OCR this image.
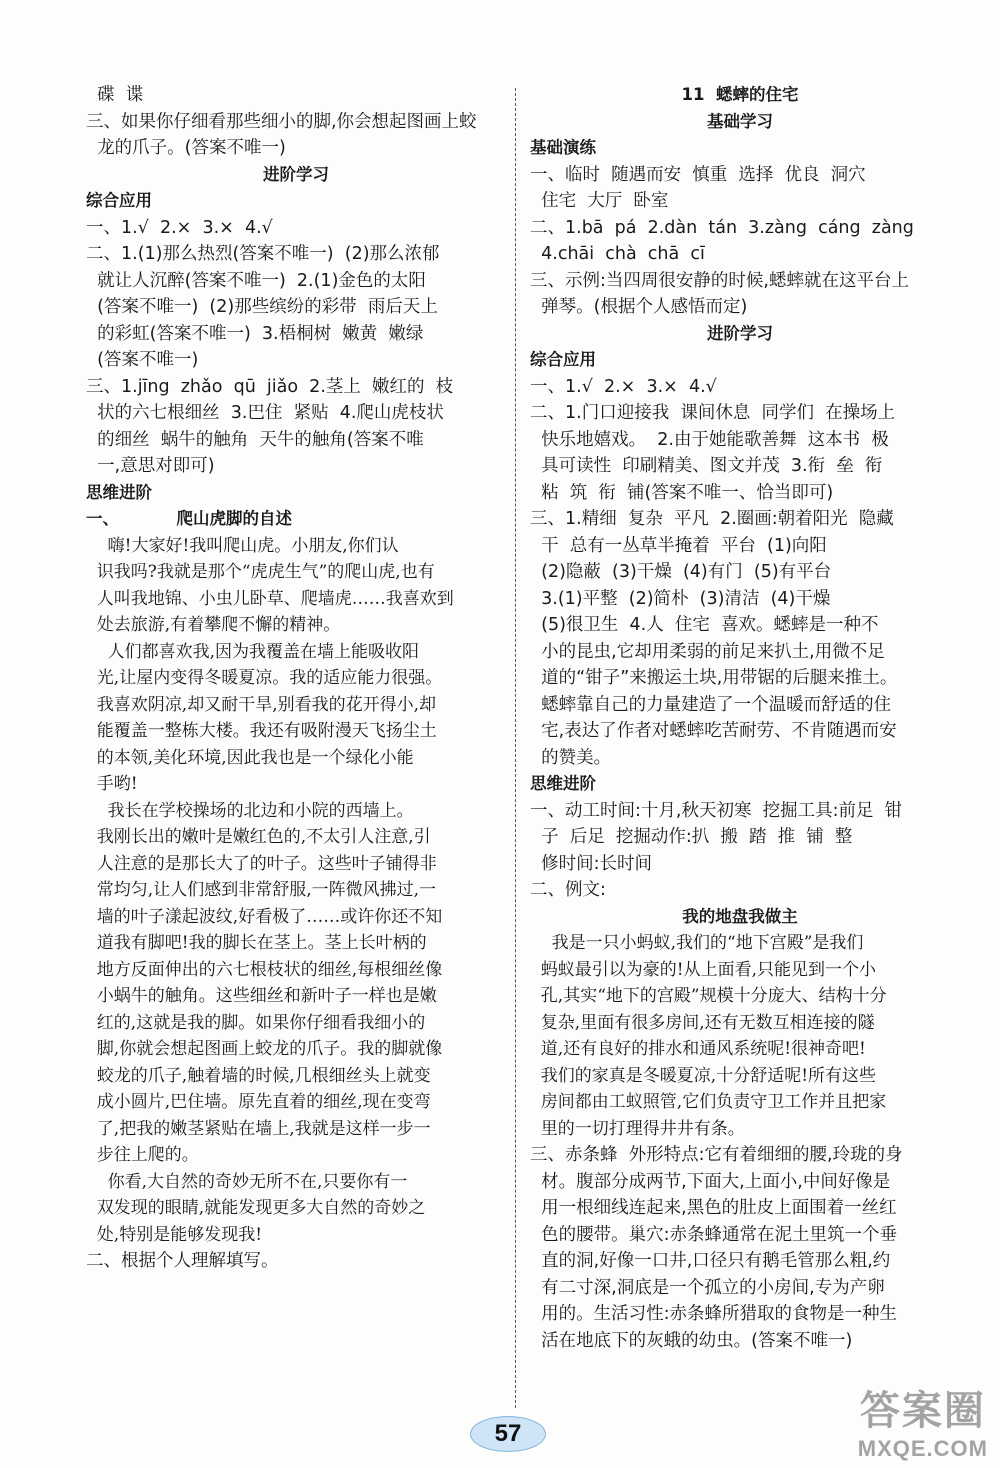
碟  谍
三、如果你仔细看那些细小的脚,你会想起图画上蛟
龙的爪子。(答案不唯一)
进阶学习
综合应用
一、1.√  2.×  3.×  4.√
二、1.(1)那么热烈(答案不唯一)  (2)那么浓郁
就让人沉醉(答案不唯一)  2.(1)金色的太阳
(答案不唯一)  (2)那些缤纷的彩带  雨后天上
的彩虹(答案不唯一)  3.梧桐树  嫩黄  嫩绿
(答案不唯一)
三、1.jīng  zhǎo  qū  jiǎo  2.茎上  嫩红的  枝
状的六七根细丝  3.巴住  紧贴  4.爬山虎枝状
的细丝  蜗牛的触角  天牛的触角(答案不唯
一,意思对即可)
思维进阶
一、          爬山虎脚的自述
嗨!大家好!我叫爬山虎。小朋友,你们认
识我吗?我就是那个“虎虎生气”的爬山虎,也有
人叫我地锦、小虫儿卧草、爬墙虎……我喜欢到
处去旅游,有着攀爬不懈的精神。
人们都喜欢我,因为我覆盖在墙上能吸收阳
光,让屋内变得冬暖夏凉。我的适应能力很强。
我喜欢阴凉,却又耐干旱,别看我的花开得小,却
能覆盖一整栋大楼。我还有吸附漫天飞扬尘土
的本领,美化环境,因此我也是一个绿化小能
手哟!
我长在学校操场的北边和小院的西墙上。
我刚长出的嫩叶是嫩红色的,不太引人注意,引
人注意的是那长大了的叶子。这些叶子铺得非
常均匀,让人们感到非常舒服,一阵微风拂过,一
墙的叶子漾起波纹,好看极了……或许你还不知
道我有脚吧!我的脚长在茎上。茎上长叶柄的
地方反面伸出的六七根枝状的细丝,每根细丝像
小蜗牛的触角。这些细丝和新叶子一样也是嫩
红的,这就是我的脚。如果你仔细看我细小的
脚,你就会想起图画上蛟龙的爪子。我的脚就像
蛟龙的爪子,触着墙的时候,几根细丝头上就变
成小圆片,巴住墙。原先直着的细丝,现在变弯
了,把我的嫩茎紧贴在墙上,我就是这样一步一
步往上爬的。
你看,大自然的奇妙无所不在,只要你有一
双发现的眼睛,就能发现更多大自然的奇妙之
处,特别是能够发现我!
二、根据个人理解填写。
11  蟋蟀的住宅
基础学习
基础演练
一、临时  随遇而安  慎重  选择  优良  洞穴
住宅  大厅  卧室
二、1.bā  pá  2.dàn  tán  3.zàng  cáng  zàng
4.chāi  chà  chā  cī
三、示例:当四周很安静的时候,蟋蟀就在这平台上
弹琴。(根据个人感悟而定)
进阶学习
综合应用
一、1.√  2.×  3.×  4.√
二、1.门口迎接我  课间休息  同学们  在操场上
快乐地嬉戏。  2.由于她能歌善舞  这本书  极
具可读性  印刷精美、图文并茂  3.衔  垒  衔
粘  筑  衔  铺(答案不唯一、恰当即可)
三、1.精细  复杂  平凡  2.圈画:朝着阳光  隐藏
干  总有一丛草半掩着  平台  (1)向阳
(2)隐蔽  (3)干燥  (4)有门  (5)有平台
3.(1)平整  (2)简朴  (3)清洁  (4)干燥
(5)很卫生  4.人  住宅  喜欢。蟋蟀是一种不
小的昆虫,它却用柔弱的前足来扒土,用微不足
道的“钳子”来搬运土块,用带锯的后腿来推土。
蟋蟀靠自己的力量建造了一个温暖而舒适的住
宅,表达了作者对蟋蟀吃苦耐劳、不肯随遇而安
的赞美。
思维进阶
一、动工时间:十月,秋天初寒  挖掘工具:前足  钳
子  后足  挖掘动作:扒  搬  踏  推  铺  整
修时间:长时间
二、例文:
我的地盘我做主
我是一只小蚂蚁,我们的“地下宫殿”是我们
蚂蚁最引以为豪的!从上面看,只能见到一个小
孔,其实“地下的宫殿”规模十分庞大、结构十分
复杂,里面有很多房间,还有无数互相连接的隧
道,还有良好的排水和通风系统呢!很神奇吧!
我们的家真是冬暖夏凉,十分舒适呢!所有这些
房间都由工蚁照管,它们负责守卫工作并且把家
里的一切打理得井井有条。
三、赤条蜂  外形特点:它有着细细的腰,玲珑的身
材。腹部分成两节,下面大,上面小,中间好像是
用一根细线连起来,黑色的肚皮上面围着一丝红
色的腰带。巢穴:赤条蜂通常在泥土里筑一个垂
直的洞,好像一口井,口径只有鹅毛管那么粗,约
有二寸深,洞底是一个孤立的小房间,专为产卵
用的。生活习性:赤条蜂所猎取的食物是一种生
活在地底下的灰蛾的幼虫。(答案不唯一)
57
答案圈
MXQE.COM
